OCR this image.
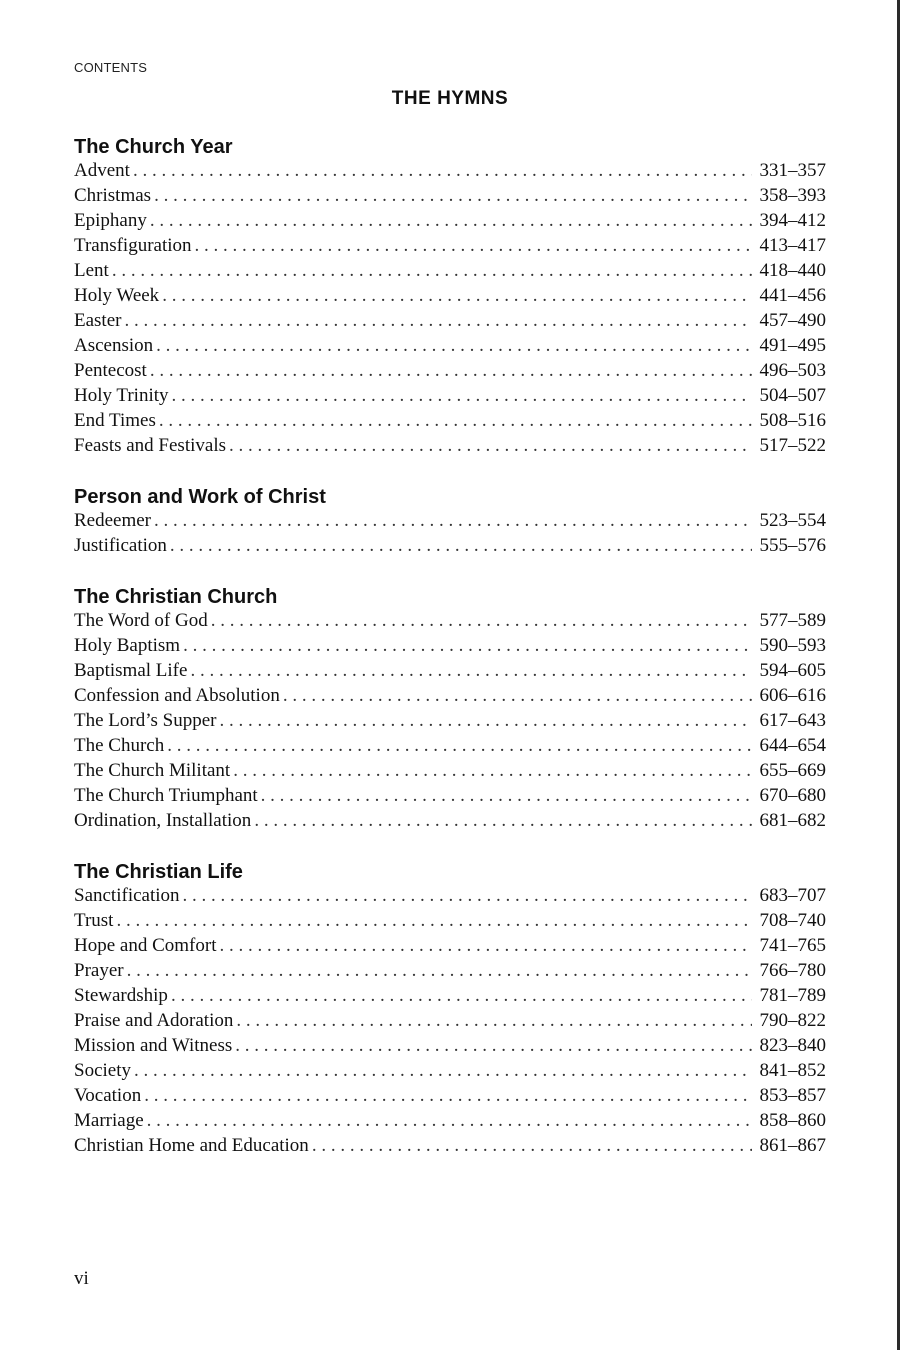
CONTENTS
THE HYMNS
The Church Year
Advent . . .	331–357
Christmas . . .	358–393
Epiphany . . .	394–412
Transfiguration . . .	413–417
Lent . . .	418–440
Holy Week . . .	441–456
Easter . . .	457–490
Ascension . . .	491–495
Pentecost . . .	496–503
Holy Trinity . . .	504–507
End Times . . .	508–516
Feasts and Festivals . . .	517–522
Person and Work of Christ
Redeemer . . .	523–554
Justification . . .	555–576
The Christian Church
The Word of God . . .	577–589
Holy Baptism . . .	590–593
Baptismal Life . . .	594–605
Confession and Absolution . . .	606–616
The Lord’s Supper . . .	617–643
The Church . . .	644–654
The Church Militant . . .	655–669
The Church Triumphant . . .	670–680
Ordination, Installation . . .	681–682
The Christian Life
Sanctification . . .	683–707
Trust . . .	708–740
Hope and Comfort . . .	741–765
Prayer . . .	766–780
Stewardship . . .	781–789
Praise and Adoration . . .	790–822
Mission and Witness . . .	823–840
Society . . .	841–852
Vocation . . .	853–857
Marriage . . .	858–860
Christian Home and Education . . .	861–867
vi
